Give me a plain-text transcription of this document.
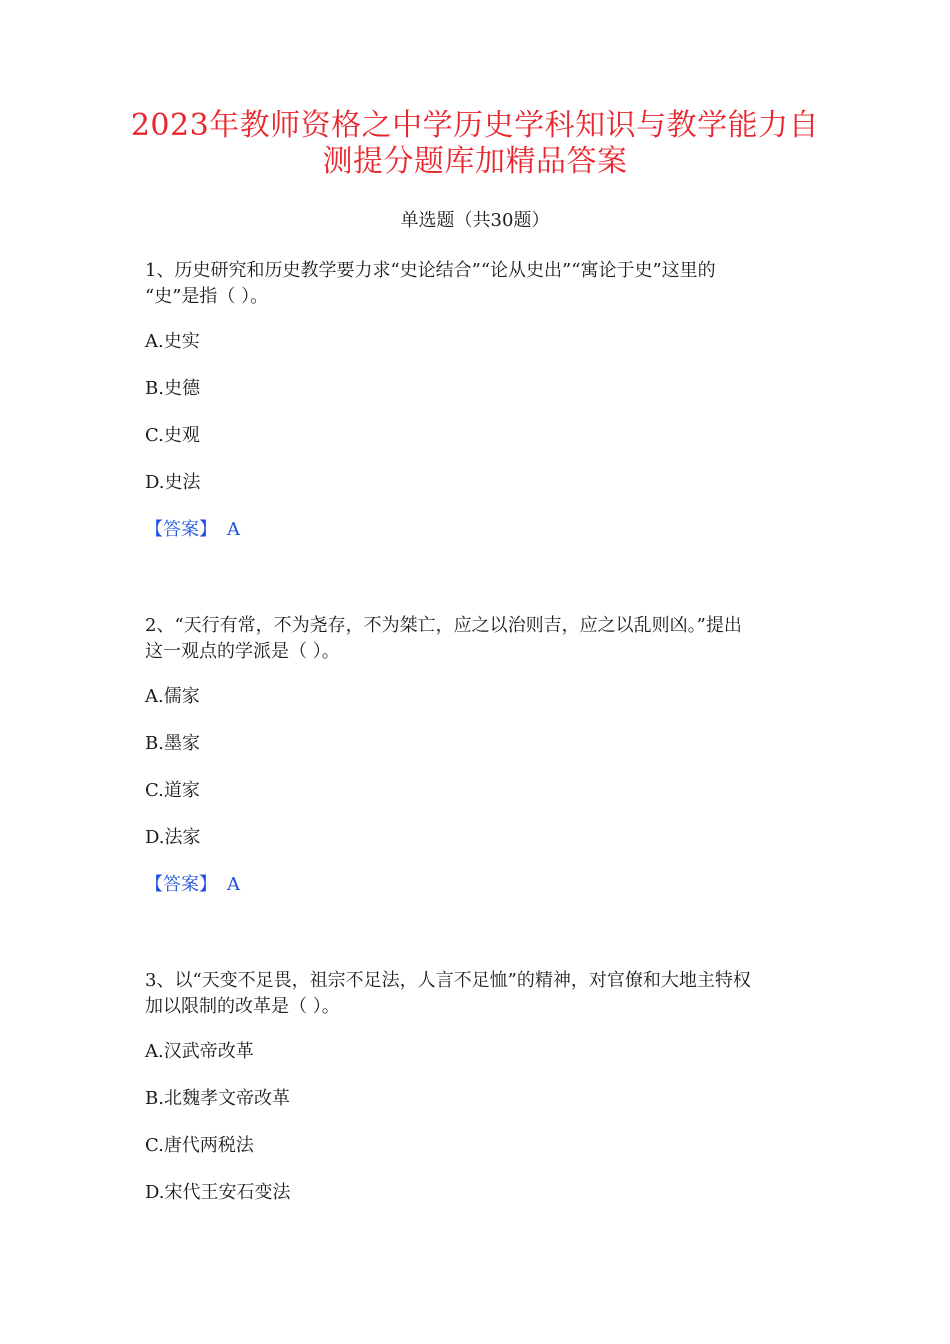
2023年教师资格之中学历史学科知识与教学能力自
测提分题库加精品答案
单选题（共30题）

1、历史研究和历史教学要力求“史论结合”“论从史出”“寓论于史”这里的

“史”是指（ ）。

A.史实
B.史德
C.史观
D.史法
【答案】 A

2、“天行有常，不为尧存，不为桀亡，应之以治则吉，应之以乱则凶。”提出

这一观点的学派是（ ）。

A.儒家
B.墨家
C.道家
D.法家
【答案】 A

3、以“天变不足畏，祖宗不足法，人言不足恤”的精神，对官僚和大地主特权

加以限制的改革是（ ）。

A.汉武帝改革
B.北魏孝文帝改革
C.唐代两税法
D.宋代王安石变法
